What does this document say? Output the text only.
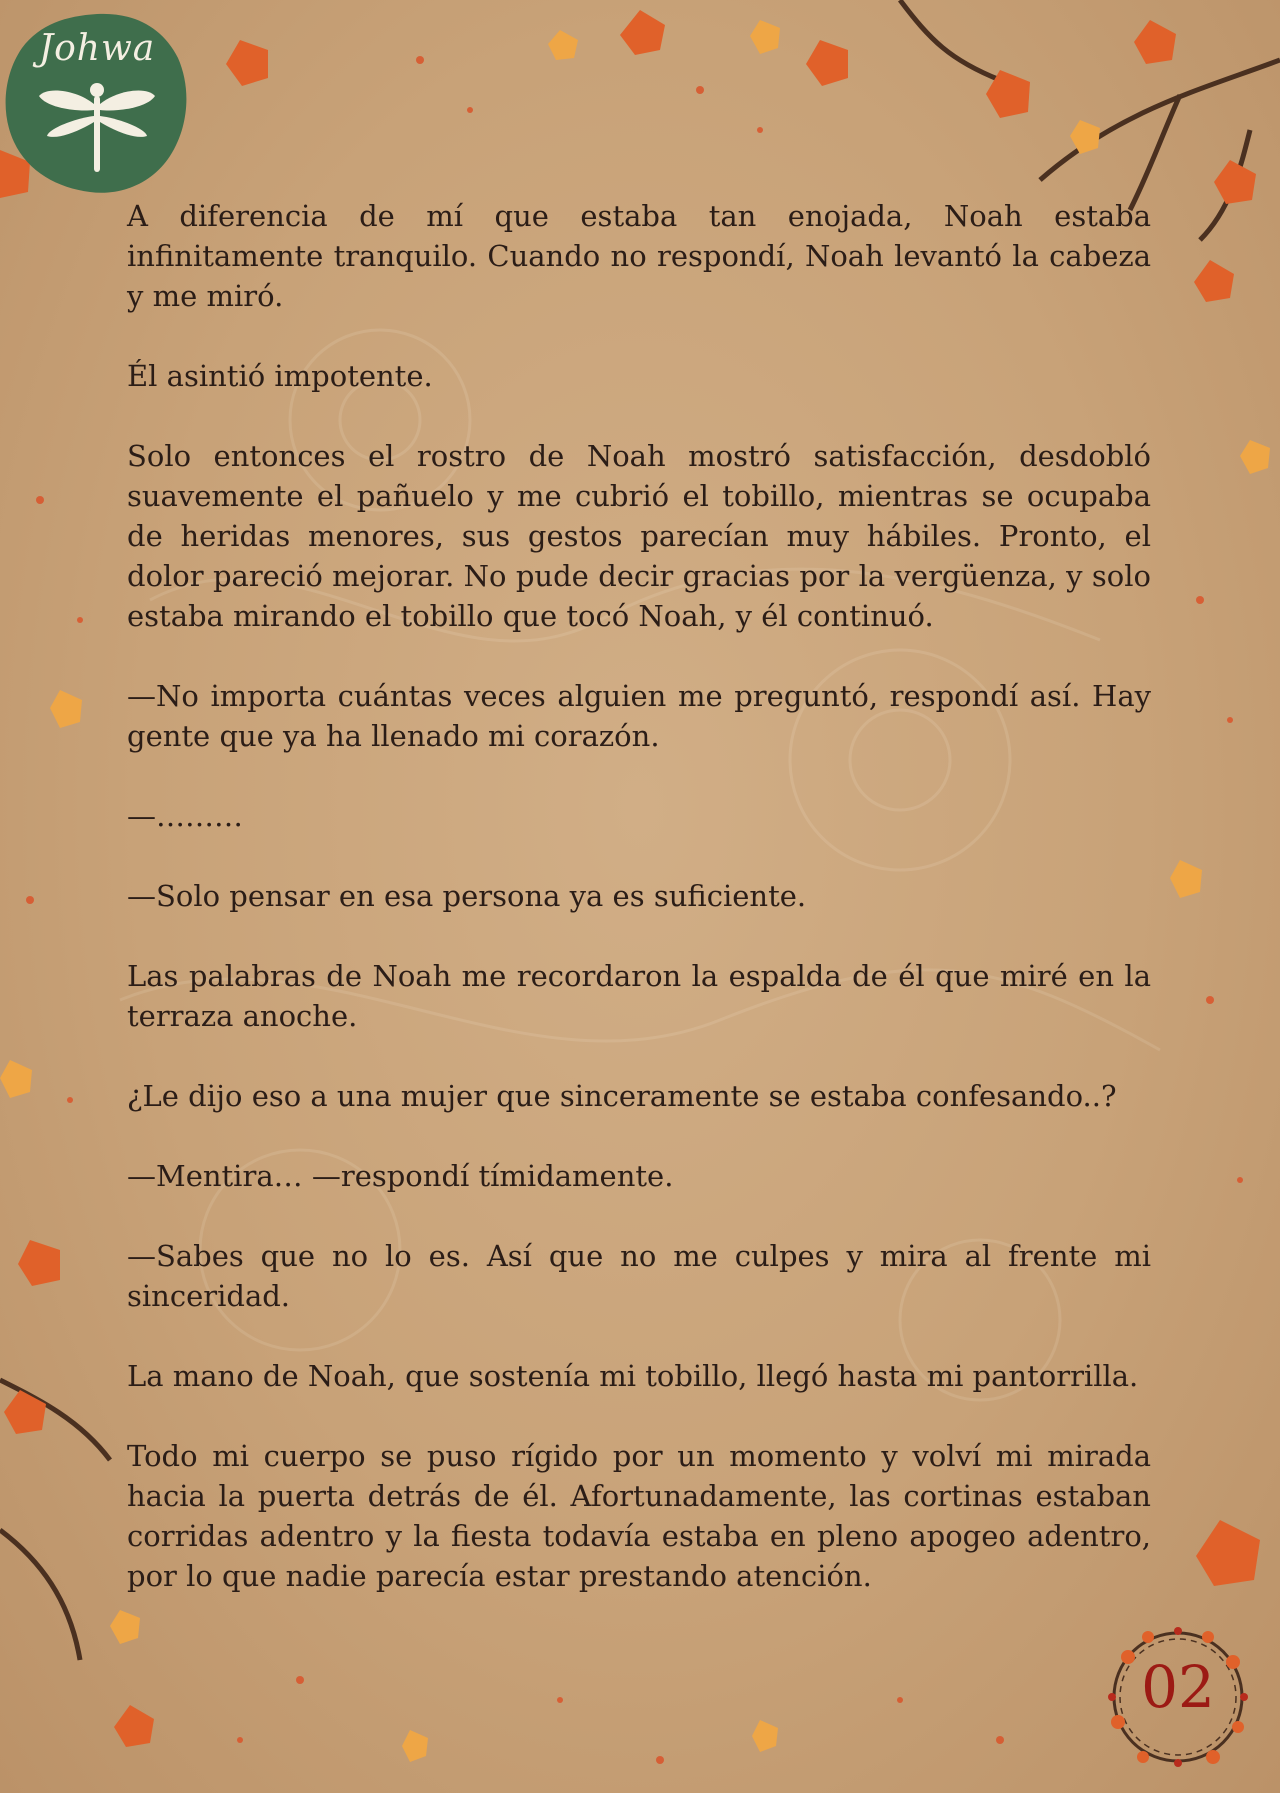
Johwa

A diferencia de mí que estaba tan enojada, Noah estaba infinitamente tranquilo. Cuando no respondí, Noah levantó la cabeza y me miró.

Él asintió impotente.

Solo entonces el rostro de Noah mostró satisfacción, desdobló suavemente el pañuelo y me cubrió el tobillo, mientras se ocupaba de heridas menores, sus gestos parecían muy hábiles. Pronto, el dolor pareció mejorar. No pude decir gracias por la vergüenza, y solo estaba mirando el tobillo que tocó Noah, y él continuó.

—No importa cuántas veces alguien me preguntó, respondí así. Hay gente que ya ha llenado mi corazón.

—………

—Solo pensar en esa persona ya es suficiente.

Las palabras de Noah me recordaron la espalda de él que miré en la terraza anoche.

¿Le dijo eso a una mujer que sinceramente se estaba confesando..?

—Mentira… —respondí tímidamente.

—Sabes que no lo es. Así que no me culpes y mira al frente mi sinceridad.

La mano de Noah, que sostenía mi tobillo, llegó hasta mi pantorrilla.

Todo mi cuerpo se puso rígido por un momento y volví mi mirada hacia la puerta detrás de él. Afortunadamente, las cortinas estaban corridas adentro y la fiesta todavía estaba en pleno apogeo adentro, por lo que nadie parecía estar prestando atención.

02
